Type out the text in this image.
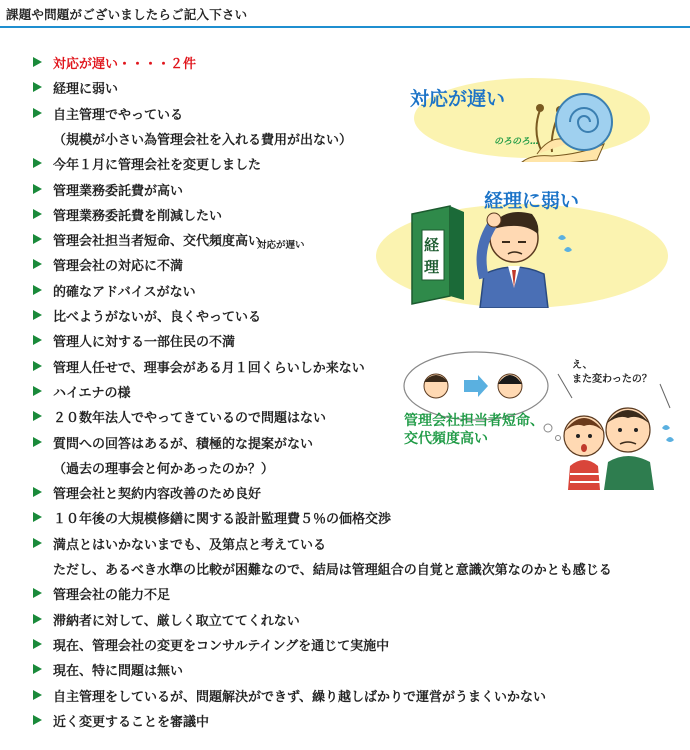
課題や問題がございましたらご記入下さい
対応が遅い・・・・２件
経理に弱い
自主管理でやっている
（規模が小さい為管理会社を入れる費用が出ない）
今年１月に管理会社を変更しました
管理業務委託費が高い
管理業務委託費を削減したい
管理会社担当者短命、交代頻度高い
対応が遅い
管理会社の対応に不満
的確なアドバイスがない
比べようがないが、良くやっている
管理人に対する一部住民の不満
管理人任せで、理事会がある月１回くらいしか来ない
ハイエナの様
２０数年法人でやってきているので問題はない
質問への回答はあるが、積極的な提案がない
（過去の理事会と何かあったのか？）
管理会社と契約内容改善のため良好
１０年後の大規模修繕に関する設計監理費５％の価格交渉
満点とはいかないまでも、及第点と考えている
ただし、あるべき水準の比較が困難なので、結局は管理組合の自覚と意識次第なのかとも感じる
管理会社の能力不足
滞納者に対して、厳しく取立ててくれない
現在、管理会社の変更をコンサルテイングを通じて実施中
現在、特に問題は無い
自主管理をしているが、問題解決ができず、繰り越しばかりで運営がうまくいかない
近く変更することを審議中
対応が遅い
のろのろ…
経理に弱い
経
理
え、
また変わったの？
管理会社担当者短命、
交代頻度高い
